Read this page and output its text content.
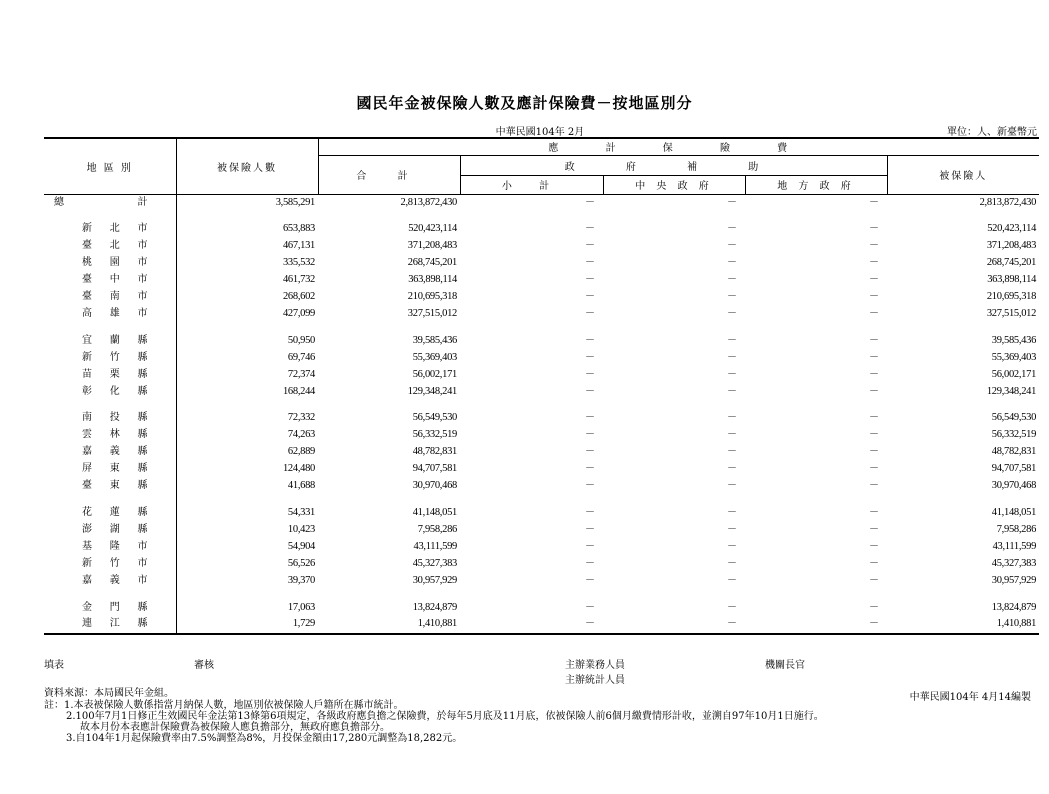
國民年金被保險人數及應計保險費－按地區別分
中華民國104年 2月	單位：人、新臺幣元
地 區 別	被保險人數	應 計 保 險 費				
		合 計	政 府 補 助			被保險人
			小 計	中 央 政 府	地 方 政 府	
總計	3,585,291	2,813,872,430	－	－	－	2,813,872,430

新北市	653,883	520,423,114	－	－	－	520,423,114
臺北市	467,131	371,208,483	－	－	－	371,208,483
桃園市	335,532	268,745,201	－	－	－	268,745,201
臺中市	461,732	363,898,114	－	－	－	363,898,114
臺南市	268,602	210,695,318	－	－	－	210,695,318
高雄市	427,099	327,515,012	－	－	－	327,515,012

宜蘭縣	50,950	39,585,436	－	－	－	39,585,436
新竹縣	69,746	55,369,403	－	－	－	55,369,403
苗栗縣	72,374	56,002,171	－	－	－	56,002,171
彰化縣	168,244	129,348,241	－	－	－	129,348,241

南投縣	72,332	56,549,530	－	－	－	56,549,530
雲林縣	74,263	56,332,519	－	－	－	56,332,519
嘉義縣	62,889	48,782,831	－	－	－	48,782,831
屏東縣	124,480	94,707,581	－	－	－	94,707,581
臺東縣	41,688	30,970,468	－	－	－	30,970,468

花蓮縣	54,331	41,148,051	－	－	－	41,148,051
澎湖縣	10,423	7,958,286	－	－	－	7,958,286
基隆市	54,904	43,111,599	－	－	－	43,111,599
新竹市	56,526	45,327,383	－	－	－	45,327,383
嘉義市	39,370	30,957,929	－	－	－	30,957,929

金門縣	17,063	13,824,879	－	－	－	13,824,879
連江縣	1,729	1,410,881	－	－	－	1,410,881
填表	審核	主辦業務人員
主辦統計人員
機關長官
資料來源：本局國民年金組。
註：1.本表被保險人數係指當月納保人數，地區別依被保險人戶籍所在縣市統計。
2.100年7月1日修正生效國民年金法第13條第6項規定，各級政府應負擔之保險費，於每年5月底及11月底，依被保險人前6個月繳費情形計收，並溯自97年10月1日施行。
故本月份本表應計保險費為被保險人應負擔部分，無政府應負擔部分。
3.自104年1月起保險費率由7.5%調整為8%，月投保金額由17,280元調整為18,282元。
中華民國104年 4月14編製
